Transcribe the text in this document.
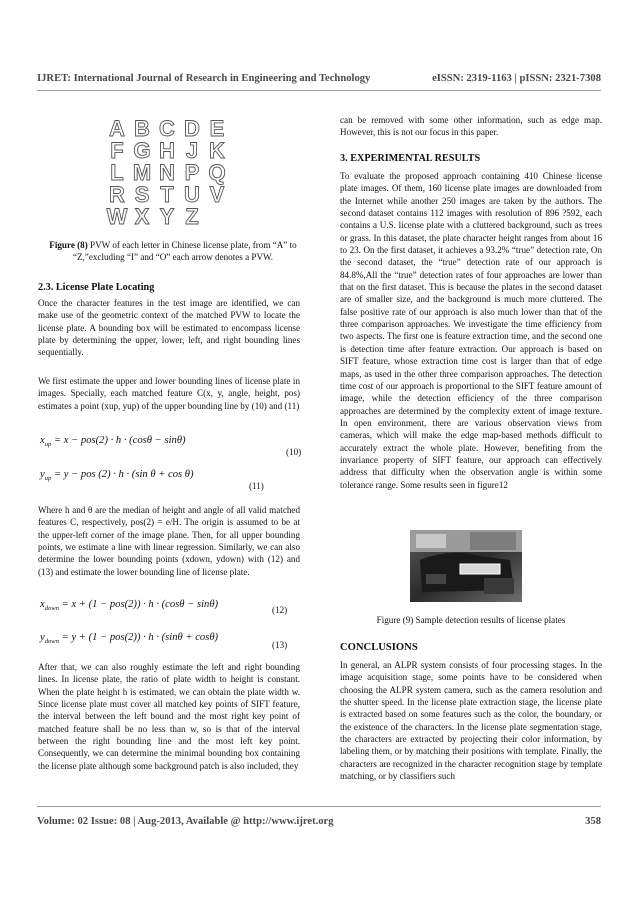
IJRET: International Journal of Research in Engineering and Technology	eISSN: 2319-1163 | pISSN: 2321-7308
A B C D E
F G H J K
L M N P Q
R S T U V
W X Y Z
Figure (8) PVW of each letter in Chinese license plate, from “A” to “Z,”excluding “I” and “O” each arrow denotes a PVW.
2.3. License Plate Locating

Once the character features in the test image are identified, we can make use of the geometric context of the matched PVW to locate the license plate. A bounding box will be estimated to encompass license plate by determining the upper, lower, left, and right bounding lines sequentially.

We first estimate the upper and lower bounding lines of license plate in images. Specially, each matched feature C(x, y, angle, height, pos) estimates a point (xup, yup) of the upper bounding line by (10) and (11)

$x_{up} = x - pos(2) \cdot h \cdot (\cos\theta - \sin\theta)$
(10)
$y_{up} = y$ − pos (2) · h · (sin θ + cos θ)
(11)

Where h and θ are the median of height and angle of all valid matched features C, respectively, pos(2) = e/H. The origin is assumed to be at the upper-left corner of the image plane. Then, for all upper bounding points, we estimate a line with linear regression. Similarly, we can also determine the lower bounding points (xdown, ydown) with (12) and (13) and estimate the lower bounding line of license plate.

$x_{down} = x + (1 - pos(2)) \cdot h \cdot (\cos\theta - \sin\theta)$	(12)
$y_{down} = y + (1 - pos(2)) \cdot h \cdot (\sin\theta + \cos\theta)$
(13)

After that, we can also roughly estimate the left and right bounding lines. In license plate, the ratio of plate width to height is constant. When the plate height h is estimated, we can obtain the plate width w. Since license plate must cover all matched key points of SIFT feature, the interval between the left bound and the most right key point of matched feature shall be no less than w, so is that of the interval between the right bounding line and the most left key point. Consequently, we can determine the minimal bounding box containing the license plate although some background patch is also included, they

can be removed with some other information, such as edge map. However, this is not our focus in this paper.

3. EXPERIMENTAL RESULTS

To evaluate the proposed approach containing 410 Chinese license plate images. Of them, 160 license plate images are downloaded from the Internet while another 250 images are taken by the authors. The second dataset contains 112 images with resolution of 896 ?592, each contains a U.S. license plate with a cluttered background, such as trees or grass. In this dataset, the plate character height ranges from about 16 to 23. On the first dataset, it achieves a 93.2% “true” detection rate, On the second dataset, the “true” detection rate of our approach is 84.8%,All the “true” detection rates of four approaches are lower than that on the first dataset. This is because the plates in the second dataset are of smaller size, and the background is much more cluttered. The false positive rate of our approach is also much lower than that of the three comparison approaches. We investigate the time efficiency from two aspects. The first one is feature extraction time, and the second one is detection time after feature extraction. Our approach is based on SIFT feature, whose extraction time cost is larger than that of edge maps, as used in the other three comparison approaches. The detection time cost of our approach is proportional to the SIFT feature amount of image, while the detection efficiency of the three comparison approaches are determined by the complexity extent of image texture. In open environment, there are various observation views from cameras, which will make the edge map-based methods difficult to accurately extract the whole plate. However, benefiting from the invariance property of SIFT feature, our approach can effectively address that difficulty when the observation angle is within some tolerance range. Some results seen in figure12

Figure (9) Sample detection results of license plates
CONCLUSIONS

In general, an ALPR system consists of four processing stages. In the image acquisition stage, some points have to be considered when choosing the ALPR system camera, such as the camera resolution and the shutter speed. In the license plate extraction stage, the license plate is extracted based on some features such as the color, the boundary, or the existence of the characters. In the license plate segmentation stage, the characters are extracted by projecting their color information, by labeling them, or by matching their positions with template. Finally, the characters are recognized in the character recognition stage by template matching, or by classifiers such

Volume: 02 Issue: 08 | Aug-2013, Available @ http://www.ijret.org	358
